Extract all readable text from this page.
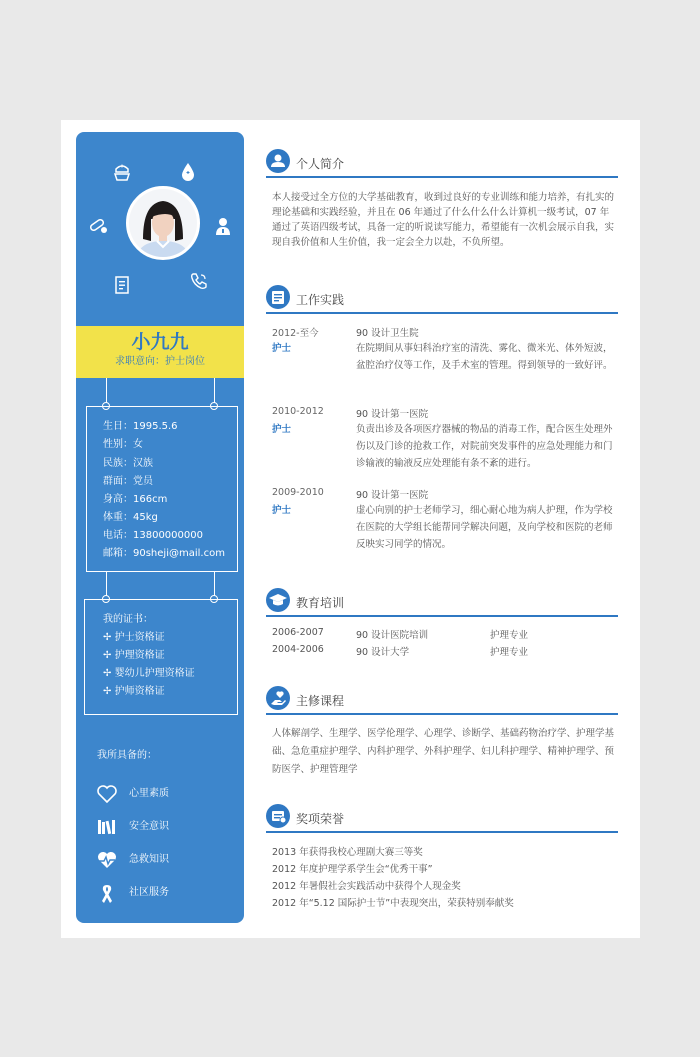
小九九
求职意向：护士岗位
生日：1995.5.6
性别：女
民族：汉族
群面：党员
身高：166cm
体重：45kg
电话：13800000000
邮箱：90sheji@mail.com
我的证书：
✢ 护士资格证
✢ 护理资格证
✢ 婴幼儿护理资格证
✢ 护师资格证
我所具备的：
心里素质
安全意识
急救知识
社区服务
个人简介
本人接受过全方位的大学基础教育，收到过良好的专业训练和能力培养，有扎实的理论基础和实践经验，并且在 06 年通过了什么什么什么计算机一级考试，07 年通过了英语四级考试，具备一定的听说读写能力，希望能有一次机会展示自我，实现自我价值和人生价值，我一定会全力以赴，不负所望。
工作实践
2012-至今
护士
90 设计卫生院
在院期间从事妇科治疗室的清洗、雾化、微米光、体外短波，盆腔治疗仪等工作，及手术室的管理。得到领导的一致好评。
2010-2012
护士
90 设计第一医院
负责出诊及各项医疗器械的物品的消毒工作，配合医生处理外伤以及门诊的抢救工作，对院前突发事件的应急处理能力和门诊输液的输液反应处理能有条不紊的进行。
2009-2010
护士
90 设计第一医院
虚心向别的护士老师学习，细心耐心地为病人护理，作为学校在医院的大学组长能帮同学解决问题，及向学校和医院的老师反映实习同学的情况。
教育培训
2006-2007	90 设计医院培训	护理专业
2004-2006	90 设计大学	护理专业
主修课程
人体解剖学、生理学、医学伦理学、心理学、诊断学、基础药物治疗学、护理学基础、急危重症护理学、内科护理学、外科护理学、妇儿科护理学、精神护理学、预防医学、护理管理学
奖项荣誉
2013 年获得我校心理剧大赛三等奖
2012 年度护理学系学生会“优秀干事”
2012 年暑假社会实践活动中获得个人现金奖
2012 年“5.12 国际护士节”中表现突出，荣获特别奉献奖
